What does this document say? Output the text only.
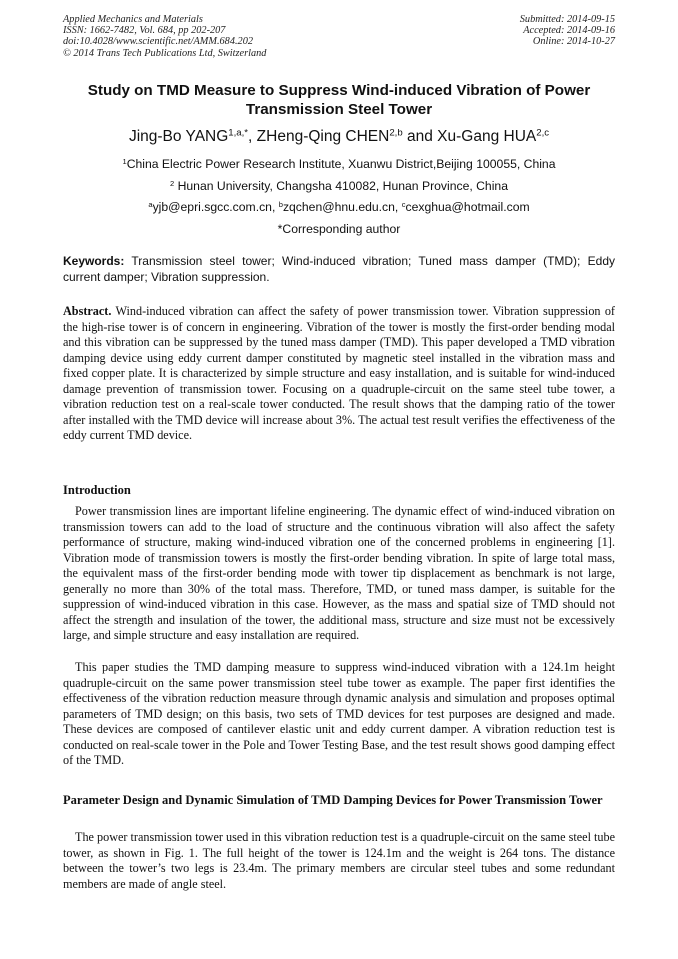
Applied Mechanics and Materials
ISSN: 1662-7482, Vol. 684, pp 202-207
doi:10.4028/www.scientific.net/AMM.684.202
© 2014 Trans Tech Publications Ltd, Switzerland
Submitted: 2014-09-15
Accepted: 2014-09-16
Online: 2014-10-27
Study on TMD Measure to Suppress Wind-induced Vibration of Power Transmission Steel Tower
Jing-Bo $YANG^{1,a,*}$, ZHeng-Qing CHEN$^{2,b}$ and Xu-Gang HUA$^{2,c}$
$^1$China Electric Power Research Institute, Xuanwu District,Beijing 100055, China
$^2$ Hunan University, Changsha 410082, Hunan Province, China
$^a$yjb@epri.sgcc.com.cn, $^b$zqchen@hnu.edu.cn, $^c$cexghua@hotmail.com
*Corresponding author

Keywords: Transmission steel tower; Wind-induced vibration; Tuned mass damper (TMD); Eddy current damper; Vibration suppression.

Abstract. Wind-induced vibration can affect the safety of power transmission tower. Vibration suppression of the high-rise tower is of concern in engineering. Vibration of the tower is mostly the first-order bending modal and this vibration can be suppressed by the tuned mass damper (TMD). This paper developed a TMD vibration damping device using eddy current damper constituted by magnetic steel installed in the vibration mass and fixed copper plate. It is characterized by simple structure and easy installation, and is suitable for wind-induced damage prevention of transmission tower. Focusing on a quadruple-circuit on the same steel tube tower, a vibration reduction test on a real-scale tower conducted. The result shows that the damping ratio of the tower after installed with the TMD device will increase about 3%. The actual test result verifies the effectiveness of the eddy current TMD device.

Introduction

Power transmission lines are important lifeline engineering. The dynamic effect of wind-induced vibration on transmission towers can add to the load of structure and the continuous vibration will also affect the safety performance of structure, making wind-induced vibration one of the concerned problems in engineering [1]. Vibration mode of transmission towers is mostly the first-order bending vibration. In spite of large total mass, the equivalent mass of the first-order bending mode with tower tip displacement as benchmark is not large, generally no more than 30% of the total mass. Therefore, TMD, or tuned mass damper, is suitable for the suppression of wind-induced vibration in this case. However, as the mass and spatial size of TMD should not affect the strength and insulation of the tower, the additional mass, structure and size must not be excessively large, and simple structure and easy installation are required.

This paper studies the TMD damping measure to suppress wind-induced vibration with a 124.1m height quadruple-circuit on the same power transmission steel tube tower as example. The paper first identifies the effectiveness of the vibration reduction measure through dynamic analysis and simulation and proposes optimal parameters of TMD design; on this basis, two sets of TMD devices for test purposes are designed and made. These devices are composed of cantilever elastic unit and eddy current damper. A vibration reduction test is conducted on real-scale tower in the Pole and Tower Testing Base, and the test result shows good damping effect of the TMD.

Parameter Design and Dynamic Simulation of TMD Damping Devices for Power Transmission Tower

The power transmission tower used in this vibration reduction test is a quadruple-circuit on the same steel tube tower, as shown in Fig. 1. The full height of the tower is 124.1m and the weight is 264 tons. The distance between the tower’s two legs is 23.4m. The primary members are circular steel tubes and some redundant members are made of angle steel.
